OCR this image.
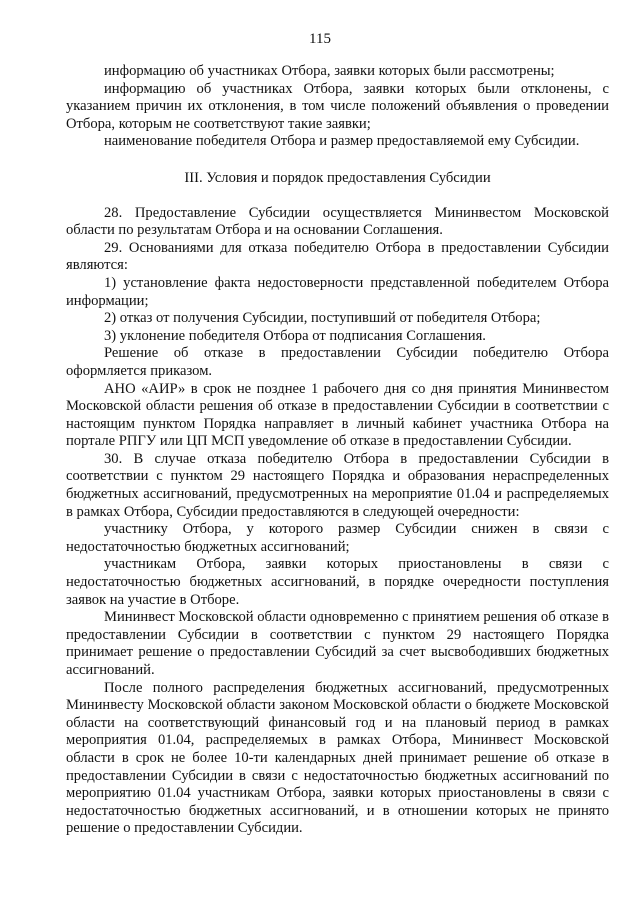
115

информацию об участниках Отбора, заявки которых были рассмотрены;

информацию об участниках Отбора, заявки которых были отклонены, с указанием причин их отклонения, в том числе положений объявления о проведении Отбора, которым не соответствуют такие заявки;

наименование победителя Отбора и размер предоставляемой ему Субсидии.

III. Условия и порядок предоставления Субсидии

28. Предоставление Субсидии осуществляется Мининвестом Московской области по результатам Отбора и на основании Соглашения.

29. Основаниями для отказа победителю Отбора в предоставлении Субсидии являются:

1) установление факта недостоверности представленной победителем Отбора информации;

2) отказ от получения Субсидии, поступивший от победителя Отбора;

3) уклонение победителя Отбора от подписания Соглашения.

Решение об отказе в предоставлении Субсидии победителю Отбора оформляется приказом.

АНО «АИР» в срок не позднее 1 рабочего дня со дня принятия Мининвестом Московской области решения об отказе в предоставлении Субсидии в соответствии с настоящим пунктом Порядка направляет в личный кабинет участника Отбора на портале РПГУ или ЦП МСП уведомление об отказе в предоставлении Субсидии.

30. В случае отказа победителю Отбора в предоставлении Субсидии в соответствии с пунктом 29 настоящего Порядка и образования нераспределенных бюджетных ассигнований, предусмотренных на мероприятие 01.04 и распределяемых в рамках Отбора, Субсидии предоставляются в следующей очередности:

участнику Отбора, у которого размер Субсидии снижен в связи с недостаточностью бюджетных ассигнований;

участникам Отбора, заявки которых приостановлены в связи с недостаточностью бюджетных ассигнований, в порядке очередности поступления заявок на участие в Отборе.

Мининвест Московской области одновременно с принятием решения об отказе в предоставлении Субсидии в соответствии с пунктом 29 настоящего Порядка принимает решение о предоставлении Субсидий за счет высвободивших бюджетных ассигнований.

После полного распределения бюджетных ассигнований, предусмотренных Мининвесту Московской области законом Московской области о бюджете Московской области на соответствующий финансовый год и на плановый период в рамках мероприятия 01.04, распределяемых в рамках Отбора, Мининвест Московской области в срок не более 10-ти календарных дней принимает решение об отказе в предоставлении Субсидии в связи с недостаточностью бюджетных ассигнований по мероприятию 01.04 участникам Отбора, заявки которых приостановлены в связи с недостаточностью бюджетных ассигнований, и в отношении которых не принято решение о предоставлении Субсидии.
